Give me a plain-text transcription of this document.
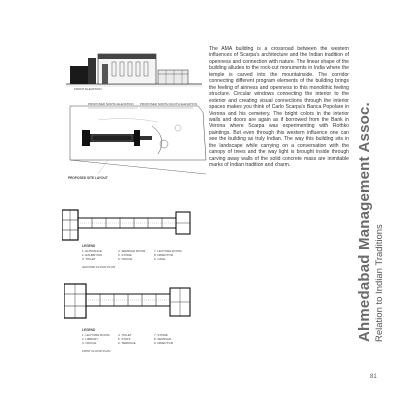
FRONT ELEVATION
PROPOSED NORTH ELEVATION PROPOSED NORTH SOUTH ELEVATION
PROPOSED SITE LAYOUT
LEGEND
1. ENTRANCE
2. EXHIBITION
3. TOILET
4. SEMINAR ROOM
5. STORE
6. OFFICE
7. LECTURE ROOM
8. DIRECTOR
9. CAFE
GROUND FLOOR PLAN
LEGEND
1. LECTURE ROOM
2. LIBRARY
3. OFFICE
4. TOILET
5. STAFF
6. TERRACE
7. STORE
8. SEMINAR
9. DIRECTOR
FIRST FLOOR PLAN

The AMA building is a crossroad between the western influences of Scarpa's architecture and the Indian tradition of openness and connection with nature. The linear shape of the building alludes to the rock-cut monuments in India where the temple is carved into the mountainside. The corridor connecting different program elements of the building brings the feeling of airiness and openness to this monolithic feeling structure. Circular windows connecting the interior to the exterior and creating visual connections through the interior spaces makes you think of Carlo Scarpa's Banca Popolare in Verona and his cemetery. The bright colors in the interior walls and doors are again as if borrowed from the Bank in Verona where Scarpa was experimenting with Rothko paintings. But even through this western influence one can see the building as truly Indian. The way this building sits in the landscape while carrying on a conversation with the canopy of trees and the way light is brought inside through carving away walls of the solid concrete mass are inimitable marks of Indian tradition and charm.	Ahmedabad Management Assoc. Relation to Indian Traditions
81
